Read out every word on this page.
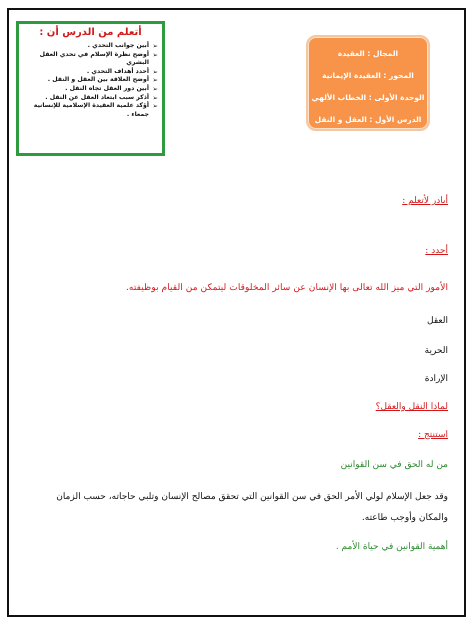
أتعلم من الدرس أن :
➢
أبين جوانب التحدي .
➢
أوضح نظرة الإسلام في تحدي العقل البشري
➢
أحدد أهداف التحدي .
➢
أوضح العلاقة بين العقل و النقل .
➢
أبين دور العقل تجاه النقل .
➢
أذكر سبب ابتعاد العقل عن النقل .
➢
أؤكد علمية العقيدة الإسلامية للإنسانية جمعاء .

المجال : العقيدة

المحور : العقيدة الإيمانية

الوحدة الأولى : الخطاب الألهي

الدرس الأول : العقل و النقل

أبادر لأتعلم :
أحدد :
الأمور التي ميز الله تعالى بها الإنسان عن سائر المخلوقات ليتمكن من القيام بوظيفته.
العقل
الحرية
الإرادة
لماذا النقل والعقل؟
استنتج :
من له الحق في سن القوانين
وقد جعل الإسلام لولي الأمر الحق في سن القوانين التي تحقق مصالح الإنسان وتلبي حاجاته، حسب الزمان والمكان وأوجب طاعته.
أهمية القوانين في حياة الأمم .
